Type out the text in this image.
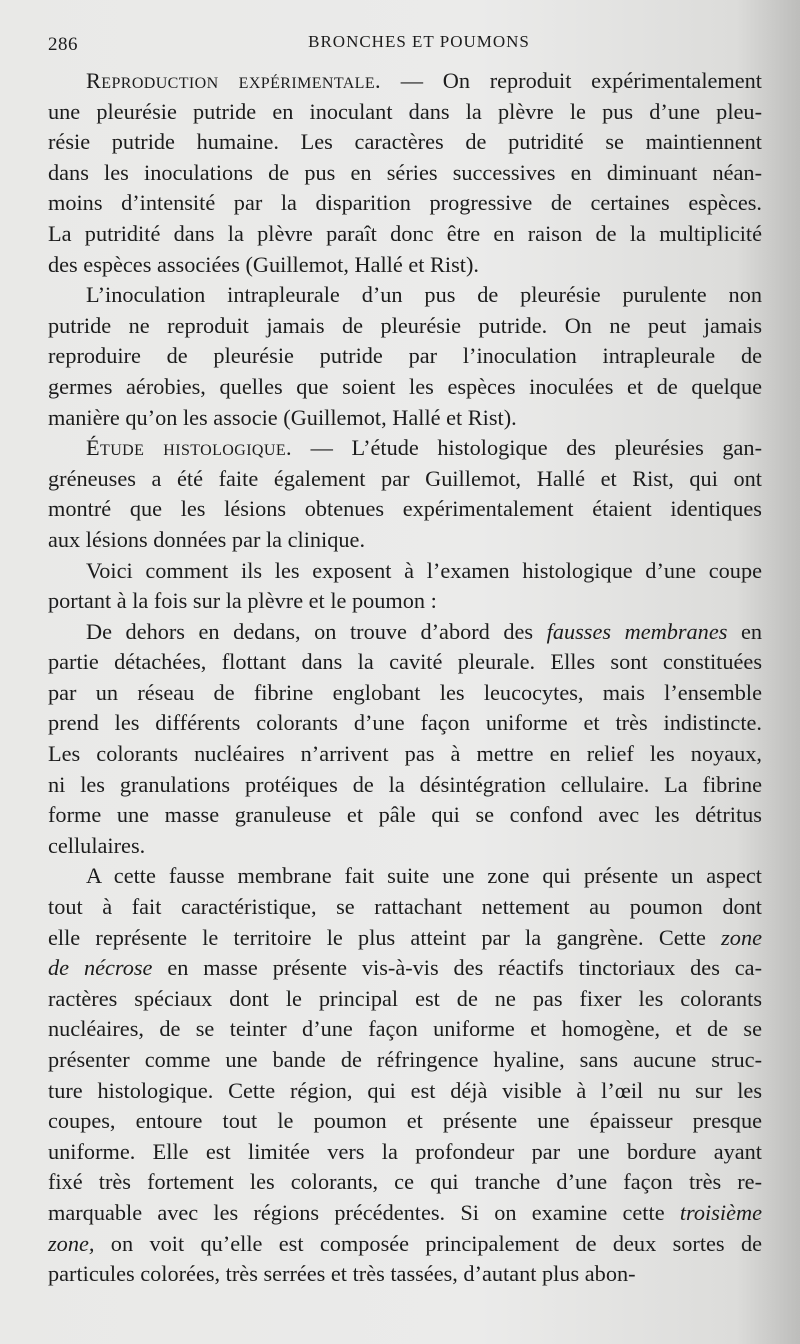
286	BRONCHES ET POUMONS
Reproduction expérimentale. — On reproduit expérimentalement
une pleurésie putride en inoculant dans la plèvre le pus d’une pleu-
résie putride humaine. Les caractères de putridité se maintiennent
dans les inoculations de pus en séries successives en diminuant néan-
moins d’intensité par la disparition progressive de certaines espèces.
La putridité dans la plèvre paraît donc être en raison de la multiplicité
des espèces associées (Guillemot, Hallé et Rist).
L’inoculation intrapleurale d’un pus de pleurésie purulente non
putride ne reproduit jamais de pleurésie putride. On ne peut jamais
reproduire de pleurésie putride par l’inoculation intrapleurale de
germes aérobies, quelles que soient les espèces inoculées et de quelque
manière qu’on les associe (Guillemot, Hallé et Rist).
Étude histologique. — L’étude histologique des pleurésies gan-
gréneuses a été faite également par Guillemot, Hallé et Rist, qui ont
montré que les lésions obtenues expérimentalement étaient identiques
aux lésions données par la clinique.
Voici comment ils les exposent à l’examen histologique d’une coupe
portant à la fois sur la plèvre et le poumon :
De dehors en dedans, on trouve d’abord des fausses membranes en
partie détachées, flottant dans la cavité pleurale. Elles sont constituées
par un réseau de fibrine englobant les leucocytes, mais l’ensemble
prend les différents colorants d’une façon uniforme et très indistincte.
Les colorants nucléaires n’arrivent pas à mettre en relief les noyaux,
ni les granulations protéiques de la désintégration cellulaire. La fibrine
forme une masse granuleuse et pâle qui se confond avec les détritus
cellulaires.
A cette fausse membrane fait suite une zone qui présente un aspect
tout à fait caractéristique, se rattachant nettement au poumon dont
elle représente le territoire le plus atteint par la gangrène. Cette zone
de nécrose en masse présente vis-à-vis des réactifs tinctoriaux des ca-
ractères spéciaux dont le principal est de ne pas fixer les colorants
nucléaires, de se teinter d’une façon uniforme et homogène, et de se
présenter comme une bande de réfringence hyaline, sans aucune struc-
ture histologique. Cette région, qui est déjà visible à l’œil nu sur les
coupes, entoure tout le poumon et présente une épaisseur presque
uniforme. Elle est limitée vers la profondeur par une bordure ayant
fixé très fortement les colorants, ce qui tranche d’une façon très re-
marquable avec les régions précédentes. Si on examine cette troisième
zone, on voit qu’elle est composée principalement de deux sortes de
particules colorées, très serrées et très tassées, d’autant plus abon-
